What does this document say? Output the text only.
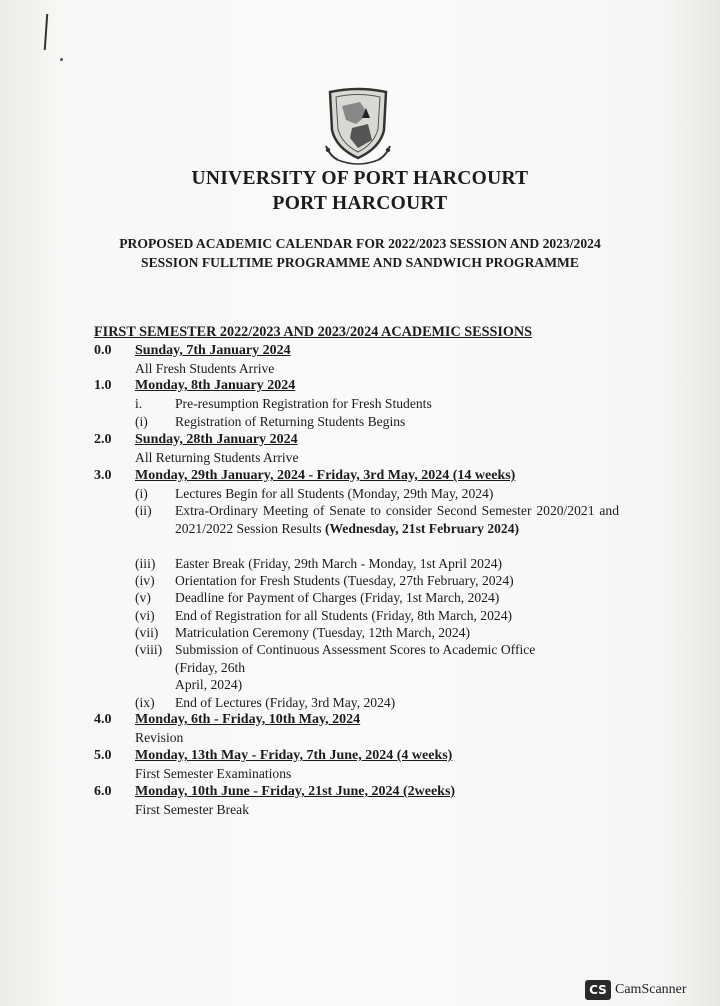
UNIVERSITY OF PORT HARCOURT
PORT HARCOURT
PROPOSED ACADEMIC CALENDAR FOR 2022/2023 SESSION AND 2023/2024 SESSION FULLTIME PROGRAMME AND SANDWICH PROGRAMME
FIRST SEMESTER 2022/2023 AND 2023/2024 ACADEMIC SESSIONS
0.0 Sunday, 7th January 2024
All Fresh Students Arrive
1.0 Monday, 8th January 2024
i. Pre-resumption Registration for Fresh Students
(i) Registration of Returning Students Begins
2.0 Sunday, 28th January 2024
All Returning Students Arrive
3.0 Monday, 29th January, 2024 - Friday, 3rd May, 2024 (14 weeks)
(i) Lectures Begin for all Students (Monday, 29th May, 2024)
(ii) Extra-Ordinary Meeting of Senate to consider Second Semester 2020/2021 and 2021/2022 Session Results (Wednesday, 21st February 2024)
(iii) Easter Break (Friday, 29th March - Monday, 1st April 2024)
(iv) Orientation for Fresh Students (Tuesday, 27th February, 2024)
(v) Deadline for Payment of Charges (Friday, 1st March, 2024)
(vi) End of Registration for all Students (Friday, 8th March, 2024)
(vii) Matriculation Ceremony (Tuesday, 12th March, 2024)
(viii) Submission of Continuous Assessment Scores to Academic Office
(Friday, 26th
April, 2024)
(ix) End of Lectures (Friday, 3rd May, 2024)
4.0 Monday, 6th - Friday, 10th May, 2024
Revision
5.0 Monday, 13th May - Friday, 7th June, 2024 (4 weeks)
First Semester Examinations
6.0 Monday, 10th June - Friday, 21st June, 2024 (2weeks)
First Semester Break
CS CamScanner
